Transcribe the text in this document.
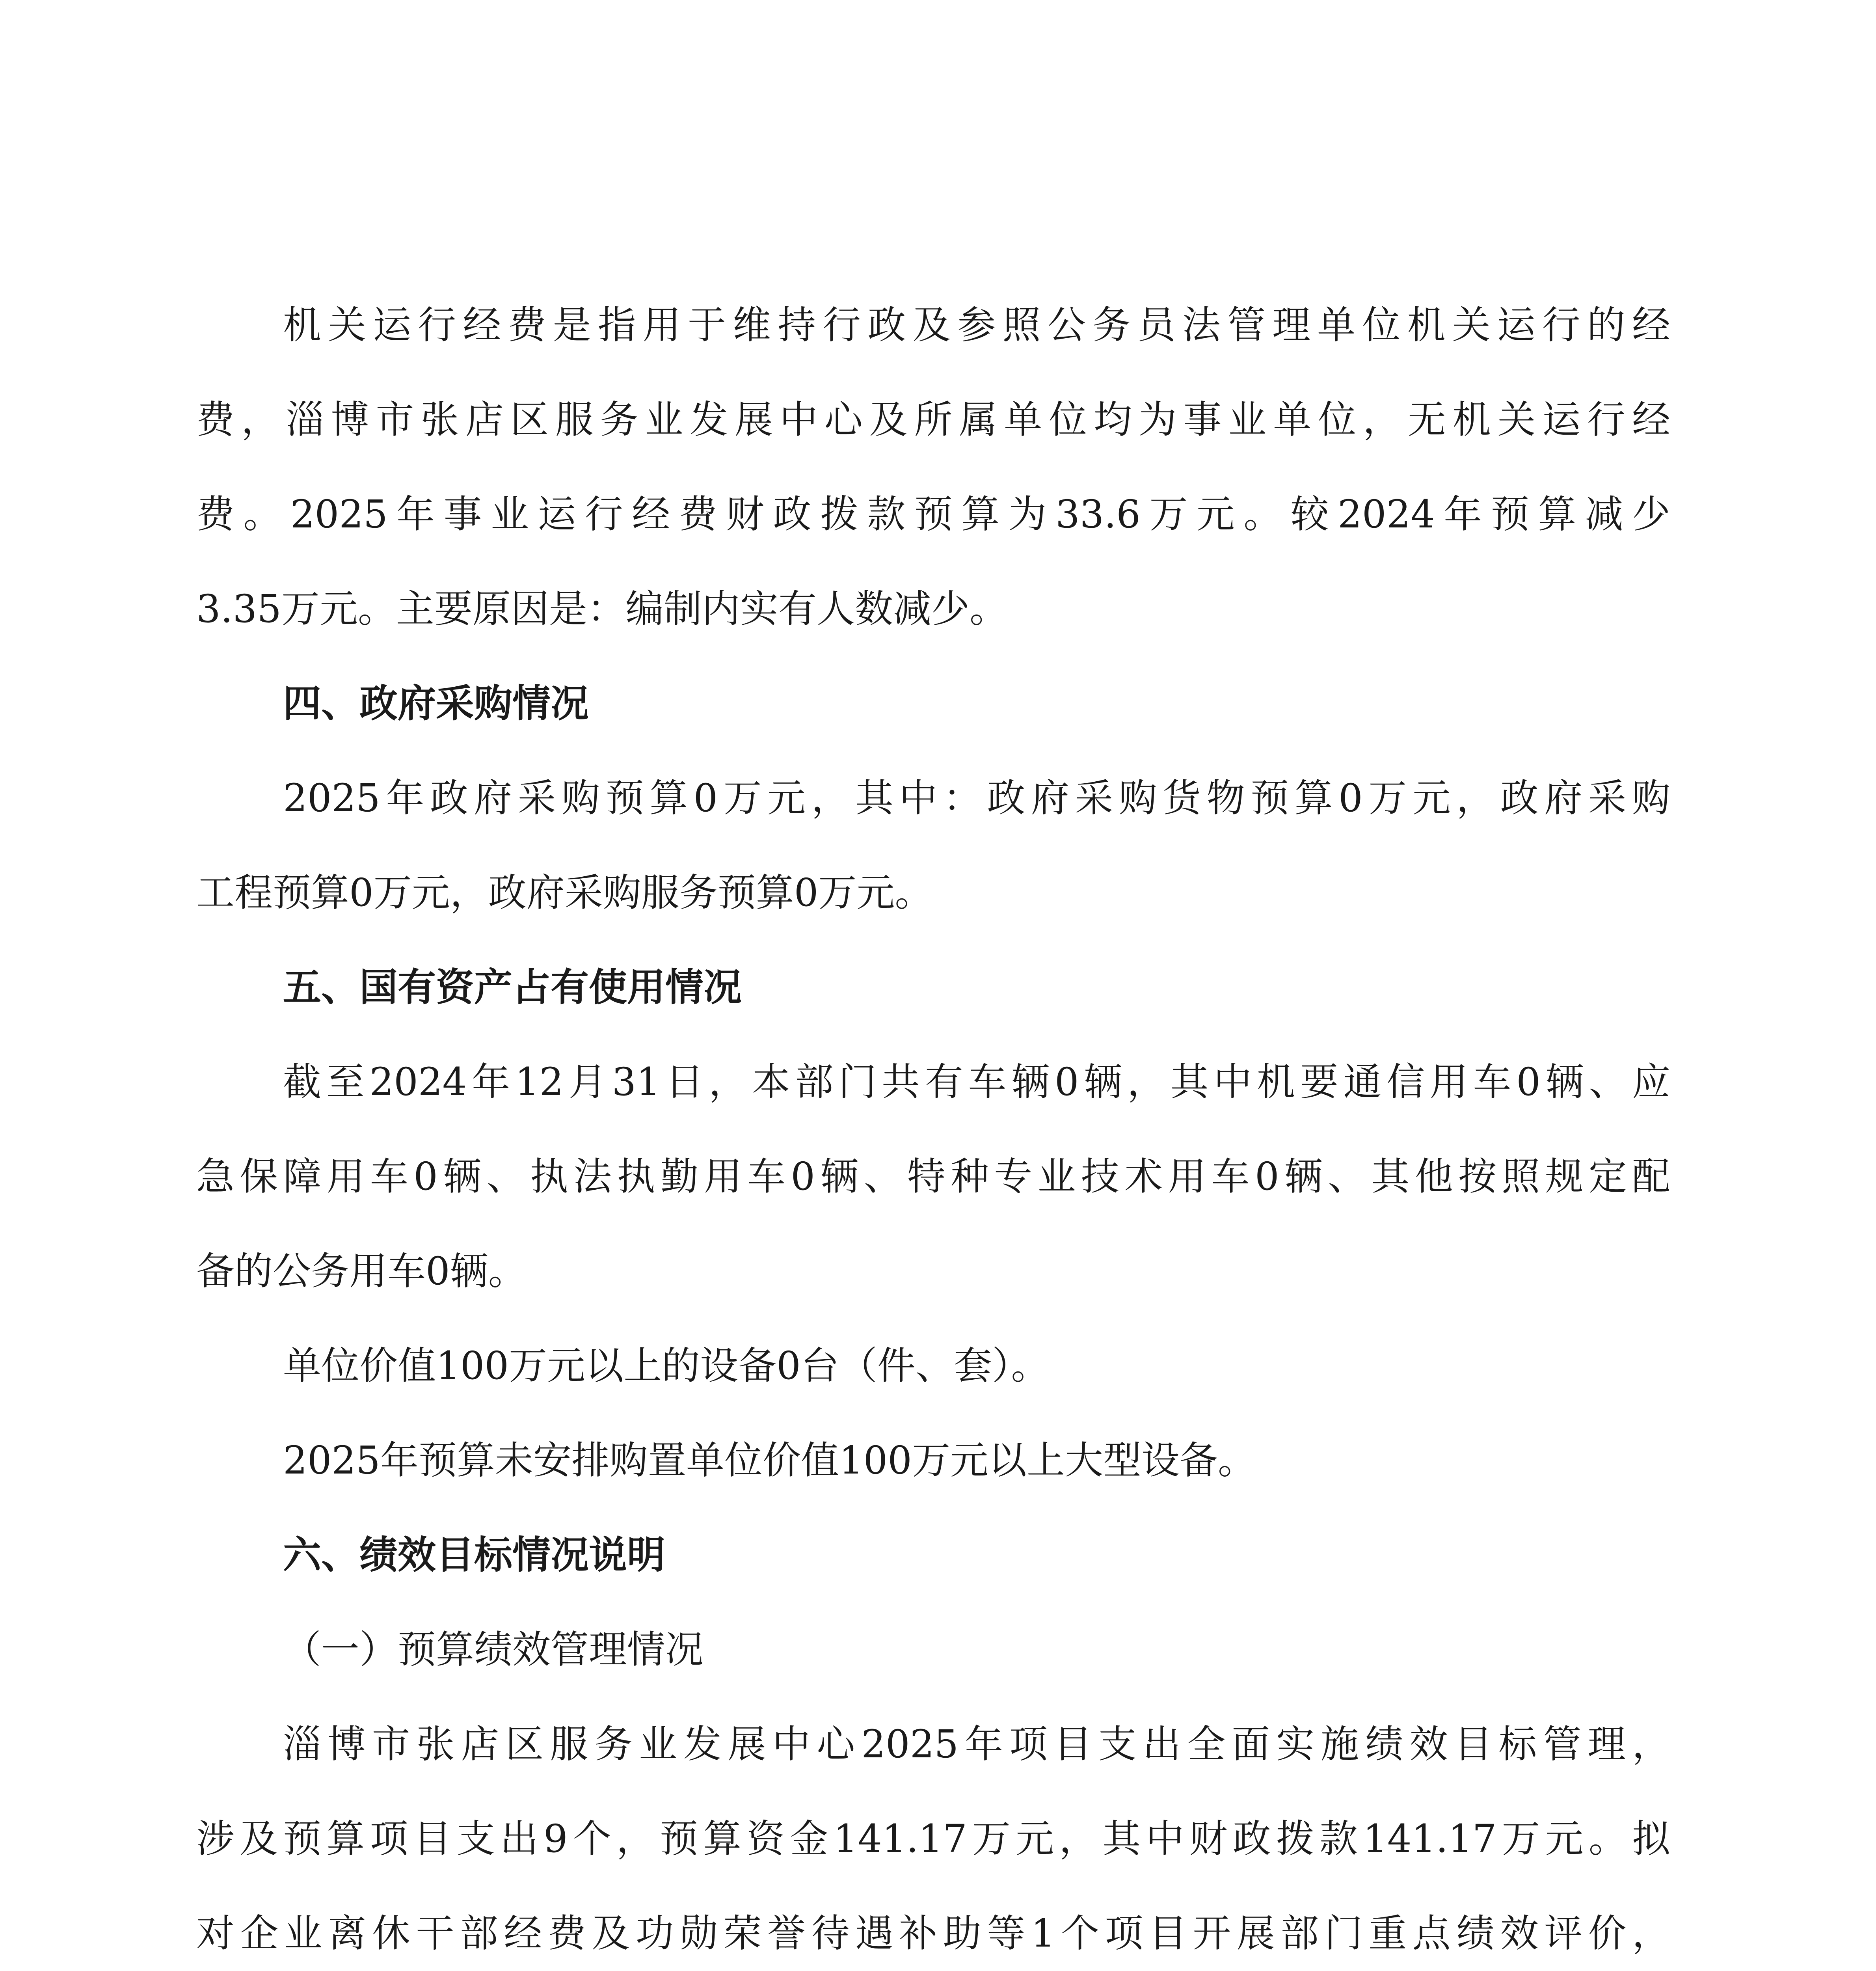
机关运行经费是指用于维持行政及参照公务员法管理单位机关运行的经
费，淄博市张店区服务业发展中心及所属单位均为事业单位，无机关运行经
费。2025年事业运行经费财政拨款预算为33.6万元。较2024年预算减少
3.35万元。主要原因是：编制内实有人数减少。
四、政府采购情况
2025年政府采购预算0万元，其中：政府采购货物预算0万元，政府采购
工程预算0万元，政府采购服务预算0万元。
五、国有资产占有使用情况
截至2024年12月31日，本部门共有车辆0辆，其中机要通信用车0辆、应
急保障用车0辆、执法执勤用车0辆、特种专业技术用车0辆、其他按照规定配
备的公务用车0辆。
单位价值100万元以上的设备0台（件、套）。
2025年预算未安排购置单位价值100万元以上大型设备。
六、绩效目标情况说明
（一）预算绩效管理情况
淄博市张店区服务业发展中心2025年项目支出全面实施绩效目标管理，
涉及预算项目支出9个，预算资金141.17万元，其中财政拨款141.17万元。拟
对企业离休干部经费及功勋荣誉待遇补助等1个项目开展部门重点绩效评价，
